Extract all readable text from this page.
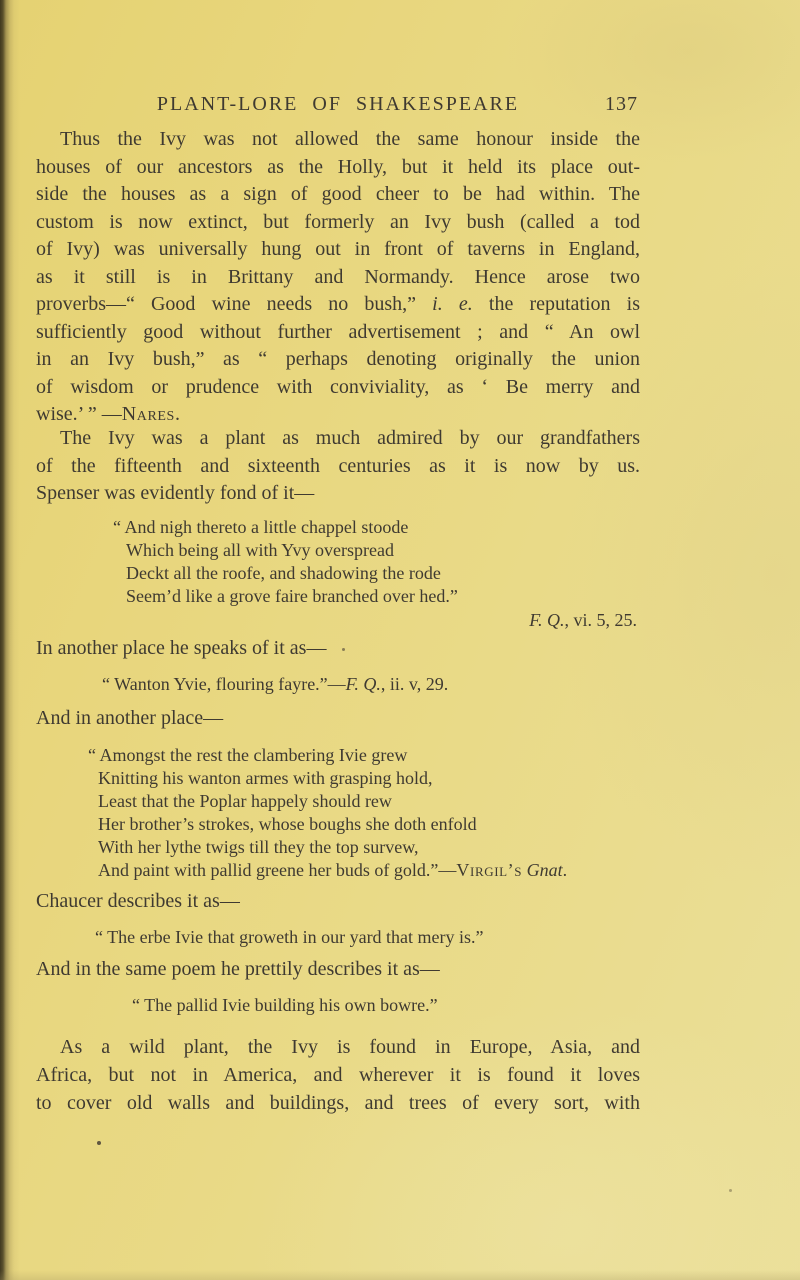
PLANT-LORE OF SHAKESPEARE	137
Thus the Ivy was not allowed the same honour inside the
houses of our ancestors as the Holly, but it held its place out-
side the houses as a sign of good cheer to be had within. The
custom is now extinct, but formerly an Ivy bush (called a tod
of Ivy) was universally hung out in front of taverns in England,
as it still is in Brittany and Normandy. Hence arose two
proverbs—“ Good wine needs no bush,” i. e. the reputation is
sufficiently good without further advertisement ; and “ An owl
in an Ivy bush,” as “ perhaps denoting originally the union
of wisdom or prudence with conviviality, as ‘ Be merry and
wise.’ ” —Nares.
The Ivy was a plant as much admired by our grandfathers
of the fifteenth and sixteenth centuries as it is now by us.
Spenser was evidently fond of it—
“ And nigh thereto a little chappel stoode
Which being all with Yvy overspread
Deckt all the roofe, and shadowing the rode
Seem’d like a grove faire branched over hed.”
F. Q., vi. 5, 25.
In another place he speaks of it as—
“ Wanton Yvie, flouring fayre.”—F. Q., ii. v, 29.
And in another place—
“ Amongst the rest the clambering Ivie grew
Knitting his wanton armes with grasping hold,
Least that the Poplar happely should rew
Her brother’s strokes, whose boughs she doth enfold
With her lythe twigs till they the top survew,
And paint with pallid greene her buds of gold.”—Virgil’s Gnat.
Chaucer describes it as—
“ The erbe Ivie that groweth in our yard that mery is.”
And in the same poem he prettily describes it as—
“ The pallid Ivie building his own bowre.”
As a wild plant, the Ivy is found in Europe, Asia, and
Africa, but not in America, and wherever it is found it loves
to cover old walls and buildings, and trees of every sort, with
